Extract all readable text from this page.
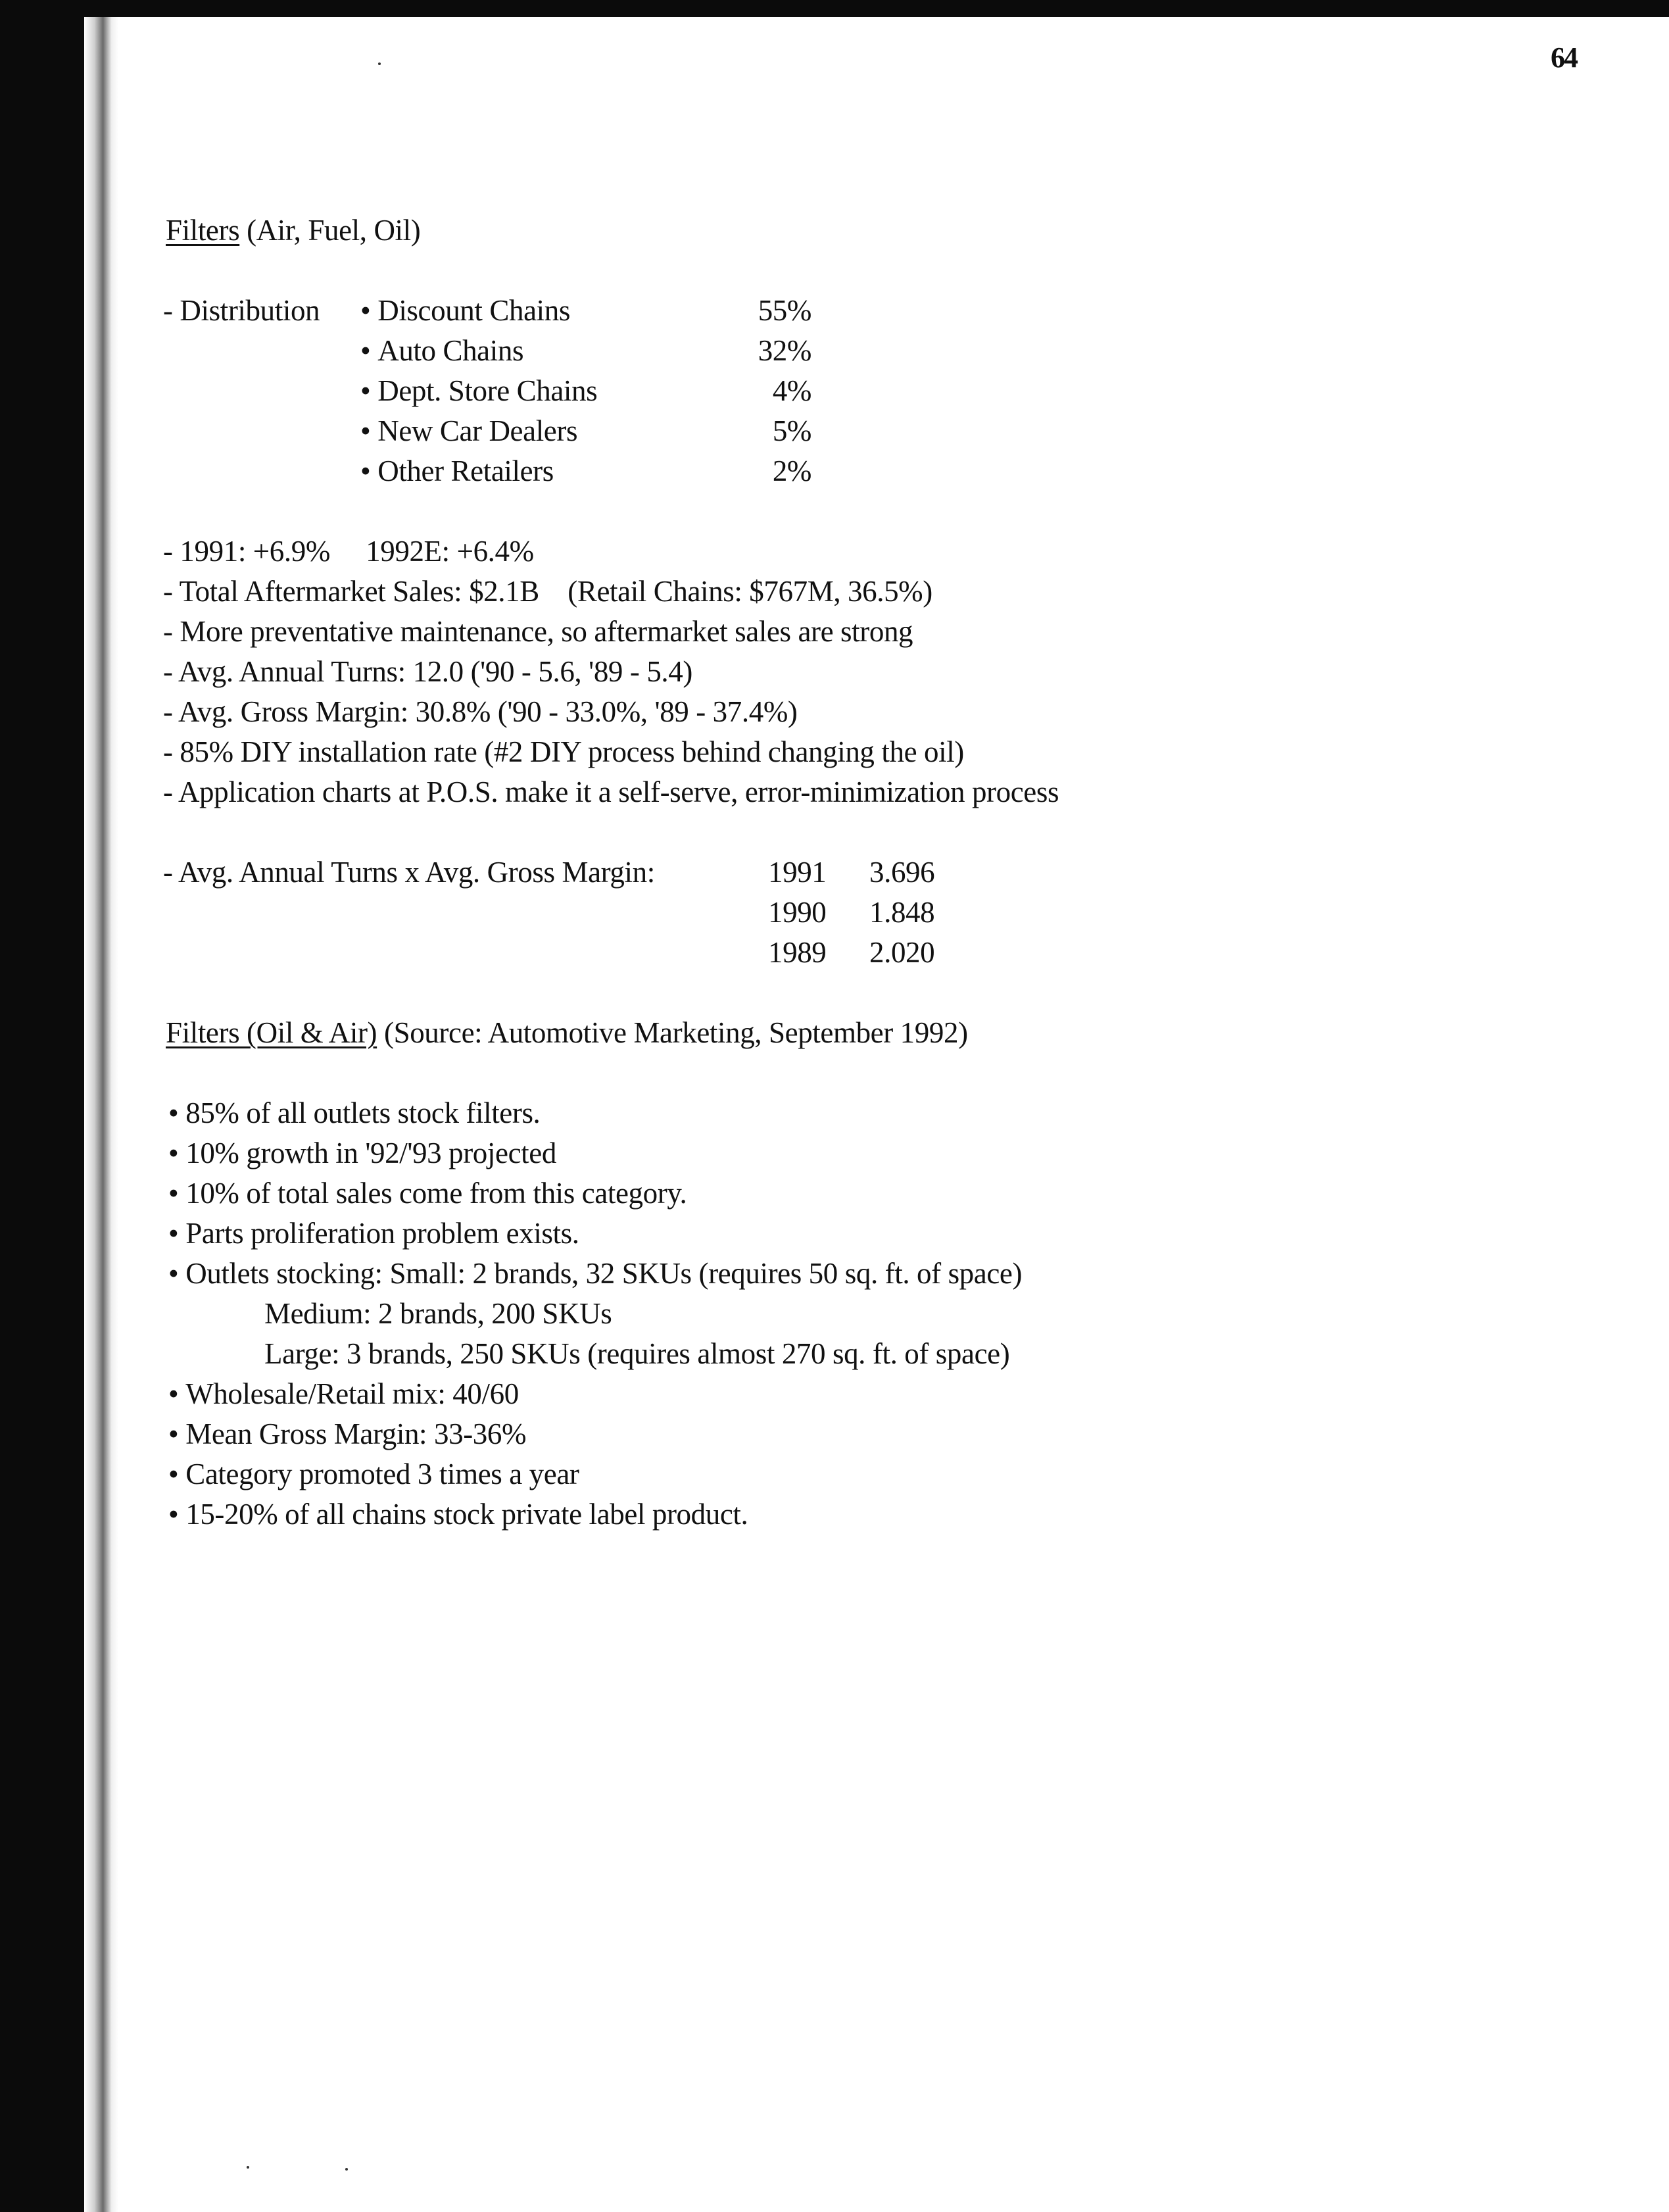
64
Filters (Air, Fuel, Oil)
- Distribution
•	Discount Chains
• Auto Chains
• Dept. Store Chains
• New Car Dealers
• Other Retailers
55%
32%
4%
5%
2%
- 1991: +6.9%     1992E: +6.4%
- Total Aftermarket Sales: $2.1B    (Retail Chains: $767M, 36.5%)
- More preventative maintenance, so aftermarket sales are strong
- Avg. Annual Turns: 12.0 ('90 - 5.6, '89 - 5.4)
- Avg. Gross Margin: 30.8% ('90 - 33.0%, '89 - 37.4%)
- 85% DIY installation rate (#2 DIY process behind changing the oil)
- Application charts at P.O.S. make it a self-serve, error-minimization process
- Avg. Annual Turns x Avg. Gross Margin:	1991
1990
1989
3.696
1.848
2.020
Filters (Oil & Air) (Source: Automotive Marketing, September 1992)
• 85% of all outlets stock filters.
• 10% growth in '92/'93 projected
• 10% of total sales come from this category.
• Parts proliferation problem exists.
• Outlets stocking: Small: 2 brands, 32 SKUs (requires 50 sq. ft. of space)
Medium: 2 brands, 200 SKUs
Large: 3 brands, 250 SKUs (requires almost 270 sq. ft. of space)
• Wholesale/Retail mix: 40/60
• Mean Gross Margin: 33-36%
• Category promoted 3 times a year
• 15-20% of all chains stock private label product.
